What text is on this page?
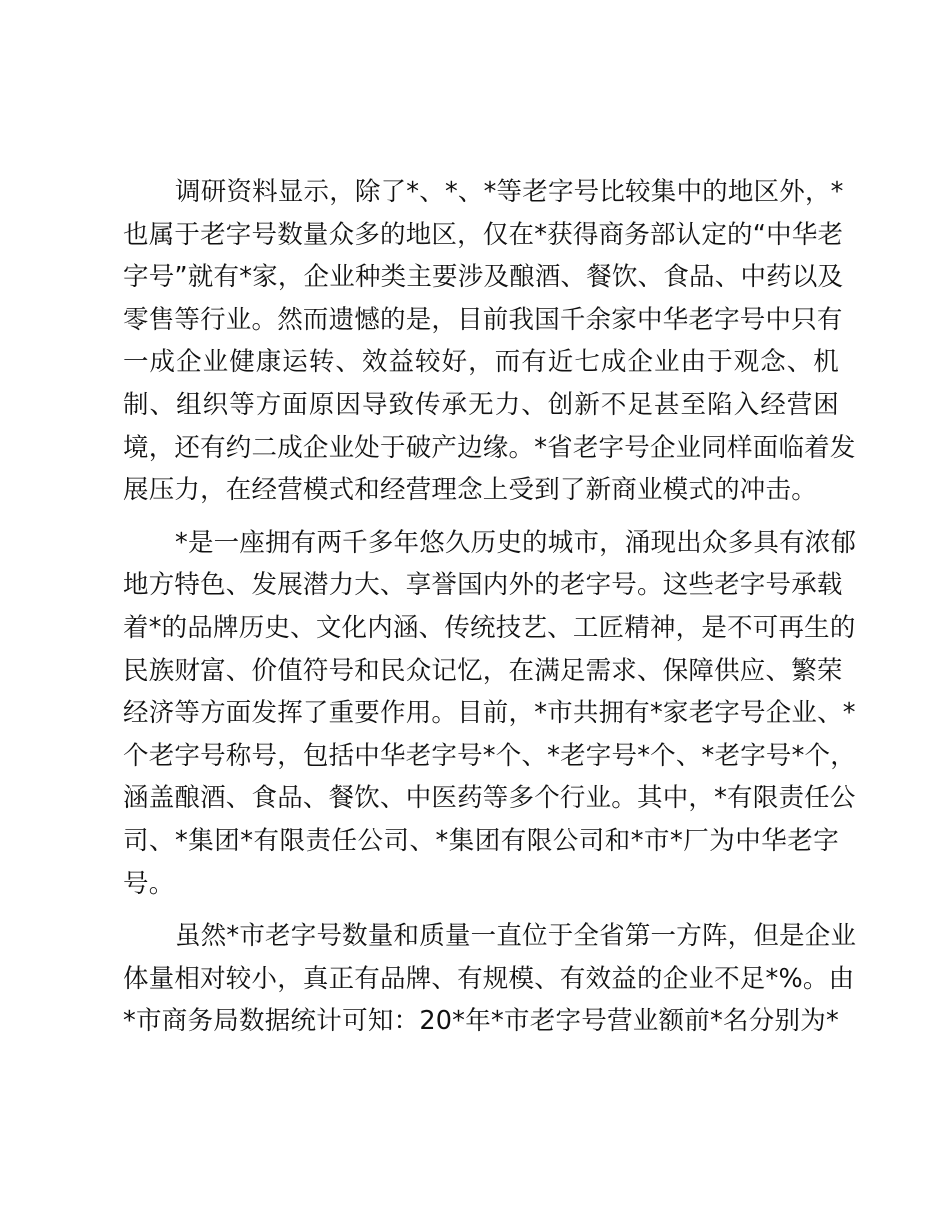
调研资料显示，除了*、*、*等老字号比较集中的地区外，*
也属于老字号数量众多的地区，仅在*获得商务部认定的“中华老
字号”就有*家，企业种类主要涉及酿酒、餐饮、食品、中药以及
零售等行业。然而遗憾的是，目前我国千余家中华老字号中只有
一成企业健康运转、效益较好，而有近七成企业由于观念、机
制、组织等方面原因导致传承无力、创新不足甚至陷入经营困
境，还有约二成企业处于破产边缘。*省老字号企业同样面临着发
展压力，在经营模式和经营理念上受到了新商业模式的冲击。
*是一座拥有两千多年悠久历史的城市，涌现出众多具有浓郁
地方特色、发展潜力大、享誉国内外的老字号。这些老字号承载
着*的品牌历史、文化内涵、传统技艺、工匠精神，是不可再生的
民族财富、价值符号和民众记忆，在满足需求、保障供应、繁荣
经济等方面发挥了重要作用。目前，*市共拥有*家老字号企业、*
个老字号称号，包括中华老字号*个、*老字号*个、*老字号*个，
涵盖酿酒、食品、餐饮、中医药等多个行业。其中，*有限责任公
司、*集团*有限责任公司、*集团有限公司和*市*厂为中华老字
号。
虽然*市老字号数量和质量一直位于全省第一方阵，但是企业
体量相对较小，真正有品牌、有规模、有效益的企业不足*%。由
*市商务局数据统计可知：20*年*市老字号营业额前*名分别为*
